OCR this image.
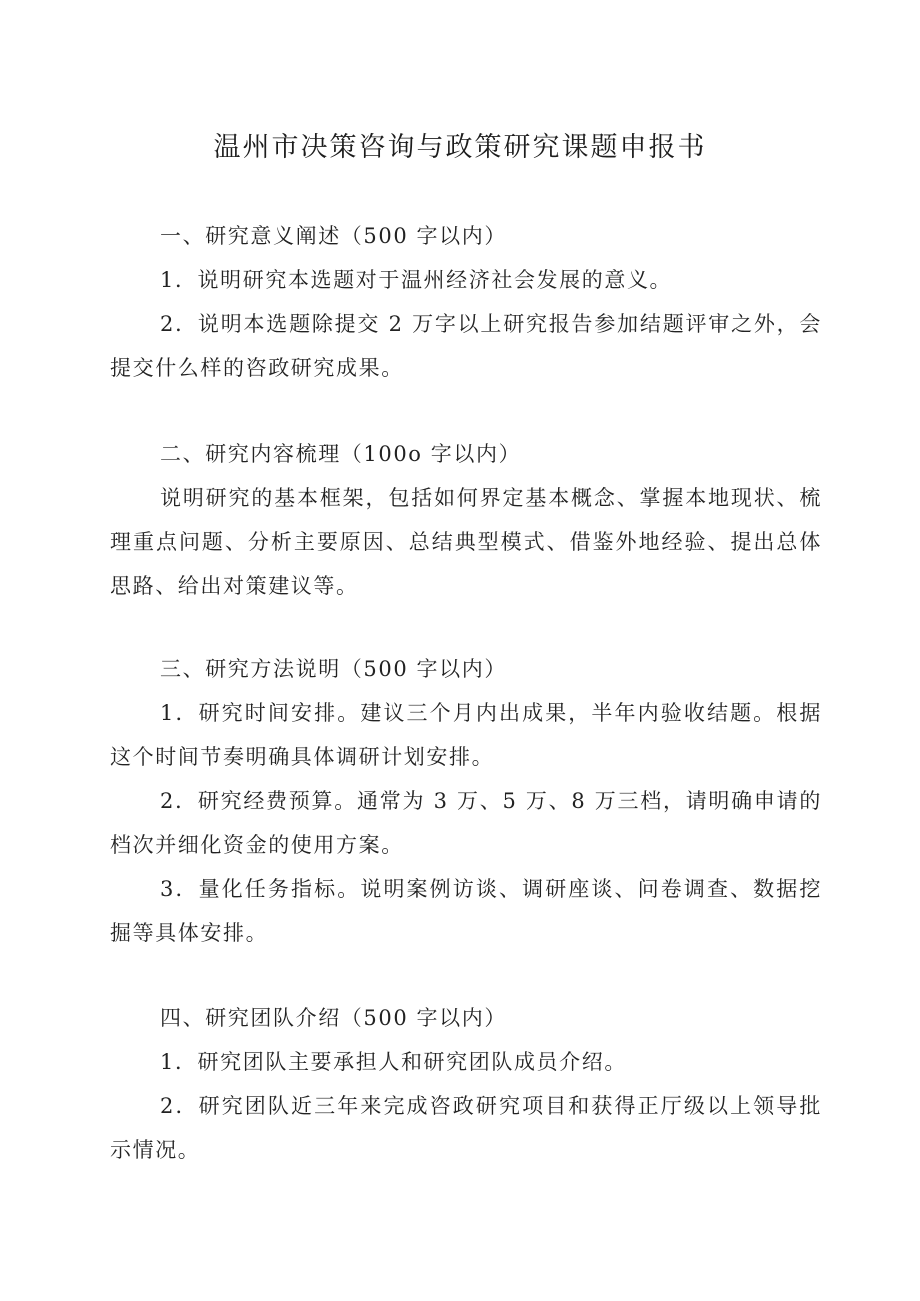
温州市决策咨询与政策研究课题申报书
一、研究意义阐述（500 字以内）
1．说明研究本选题对于温州经济社会发展的意义。
2．说明本选题除提交 2 万字以上研究报告参加结题评审之外，会提交什么样的咨政研究成果。
二、研究内容梳理（100o 字以内）
说明研究的基本框架，包括如何界定基本概念、掌握本地现状、梳理重点问题、分析主要原因、总结典型模式、借鉴外地经验、提出总体思路、给出对策建议等。
三、研究方法说明（500 字以内）
1．研究时间安排。建议三个月内出成果，半年内验收结题。根据这个时间节奏明确具体调研计划安排。
2．研究经费预算。通常为 3 万、5 万、8 万三档，请明确申请的档次并细化资金的使用方案。
3．量化任务指标。说明案例访谈、调研座谈、问卷调查、数据挖掘等具体安排。
四、研究团队介绍（500 字以内）
1．研究团队主要承担人和研究团队成员介绍。
2．研究团队近三年来完成咨政研究项目和获得正厅级以上领导批示情况。
